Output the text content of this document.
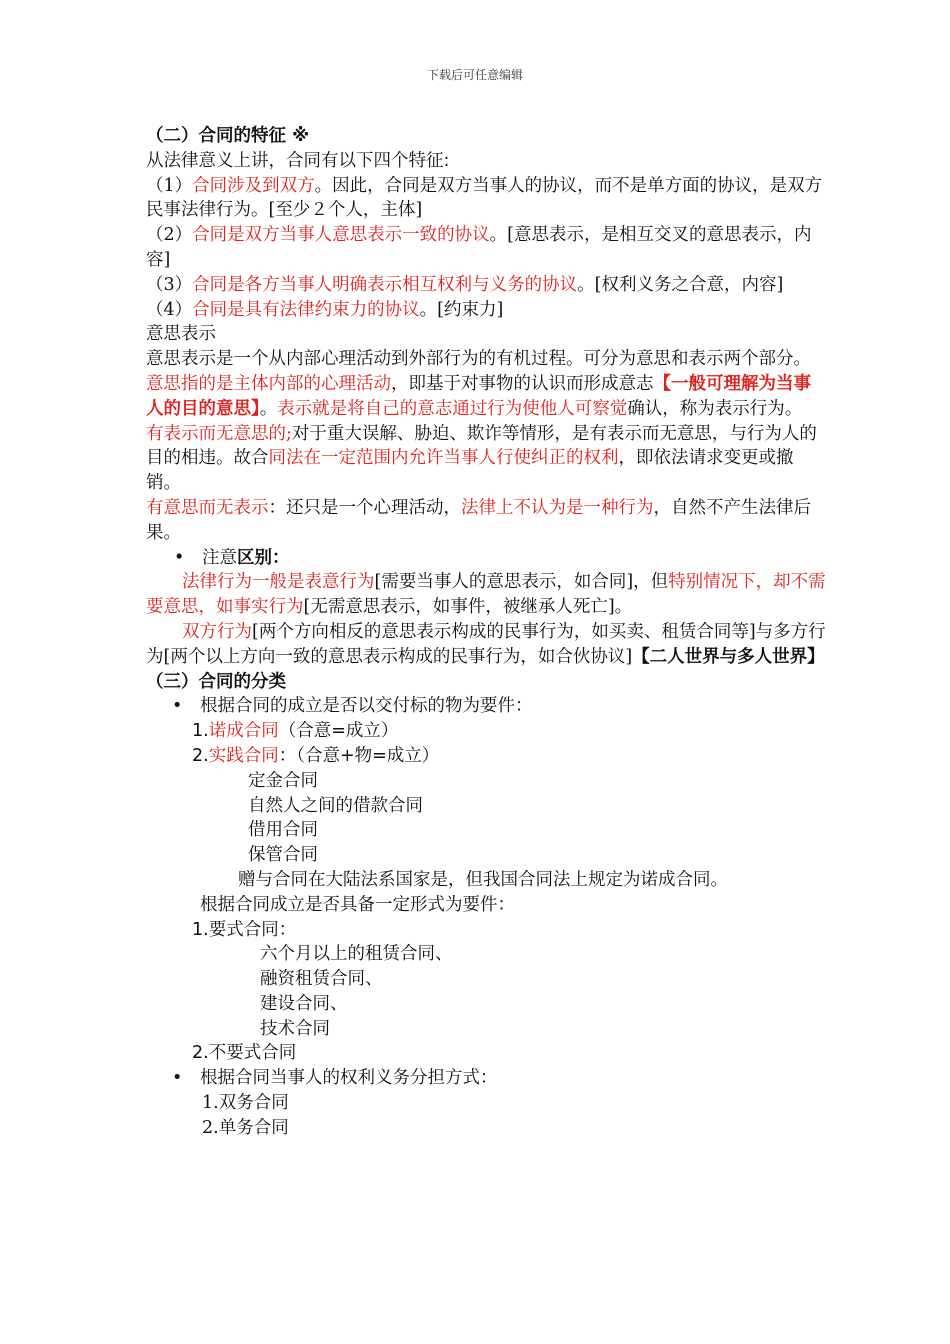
下载后可任意编辑

（二）合同的特征 ※

从法律意义上讲，合同有以下四个特征:

（1）合同涉及到双方。因此，合同是双方当事人的协议，而不是单方面的协议，是双方民事法律行为。[至少２个人，主体]

（2）合同是双方当事人意思表示一致的协议。[意思表示，是相互交叉的意思表示，内容]

（3）合同是各方当事人明确表示相互权利与义务的协议。[权利义务之合意，内容]

（4）合同是具有法律约束力的协议。[约束力]

意思表示

意思表示是一个从内部心理活动到外部行为的有机过程。可分为意思和表示两个部分。意思指的是主体内部的心理活动，即基于对事物的认识而形成意志【一般可理解为当事人的目的意思】。表示就是将自己的意志通过行为使他人可察觉确认，称为表示行为。

有表示而无意思的;对于重大误解、胁迫、欺诈等情形，是有表示而无意思，与行为人的目的相违。故合同法在一定范围内允许当事人行使纠正的权利，即依法请求变更或撤销。

有意思而无表示：还只是一个心理活动，法律上不认为是一种行为，自然不产生法律后果。

• 注意区别：

法律行为一般是表意行为[需要当事人的意思表示，如合同]，但特别情况下，却不需要意思，如事实行为[无需意思表示，如事件，被继承人死亡]。

双方行为[两个方向相反的意思表示构成的民事行为，如买卖、租赁合同等]与多方行为[两个以上方向一致的意思表示构成的民事行为，如合伙协议]【二人世界与多人世界】

（三）合同的分类

• 根据合同的成立是否以交付标的物为要件：

1.诺成合同（合意=成立）

2.实践合同：（合意+物=成立）

定金合同

自然人之间的借款合同

借用合同

保管合同

赠与合同在大陆法系国家是，但我国合同法上规定为诺成合同。

根据合同成立是否具备一定形式为要件：

1.要式合同：

六个月以上的租赁合同、

融资租赁合同、

建设合同、

技术合同

2.不要式合同

• 根据合同当事人的权利义务分担方式：

1.双务合同

2.单务合同
